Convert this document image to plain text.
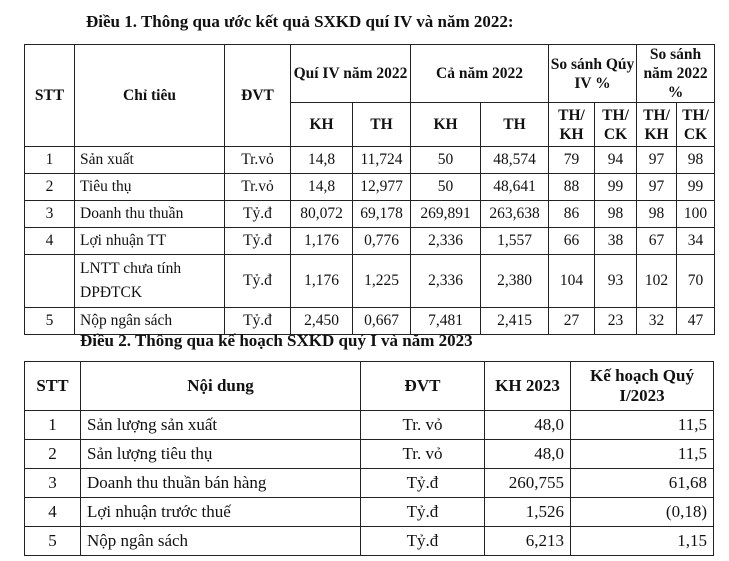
Điều 1. Thông qua ước kết quả SXKD quí IV và năm 2022:
STT	Chỉ tiêu	ĐVT	Quí IV năm 2022		Cả năm 2022		So sánh Qúy IV %		So sánh năm 2022 %	
			KH	TH	KH	TH	TH/ KH	TH/ CK	TH/ KH	TH/ CK
1	Sản xuất	Tr.vỏ	14,8	11,724	50	48,574	79	94	97	98
2	Tiêu thụ	Tr.vỏ	14,8	12,977	50	48,641	88	99	97	99
3	Doanh thu thuần	Tỷ.đ	80,072	69,178	269,891	263,638	86	98	98	100
4	Lợi nhuận TT	Tỷ.đ	1,176	0,776	2,336	1,557	66	38	67	34
	LNTT chưa tính DPĐTCK	Tỷ.đ	1,176	1,225	2,336	2,380	104	93	102	70
5	Nộp ngân sách	Tỷ.đ	2,450	0,667	7,481	2,415	27	23	32	47
Điều 2. Thông qua kế hoạch SXKD quý I và năm 2023
STT	Nội dung	ĐVT	KH 2023	Kế hoạch Quý I/2023
1	Sản lượng sản xuất	Tr. vỏ	48,0	11,5
2	Sản lượng tiêu thụ	Tr. vỏ	48,0	11,5
3	Doanh thu thuần bán hàng	Tỷ.đ	260,755	61,68
4	Lợi nhuận trước thuế	Tỷ.đ	1,526	(0,18)
5	Nộp ngân sách	Tỷ.đ	6,213	1,15
